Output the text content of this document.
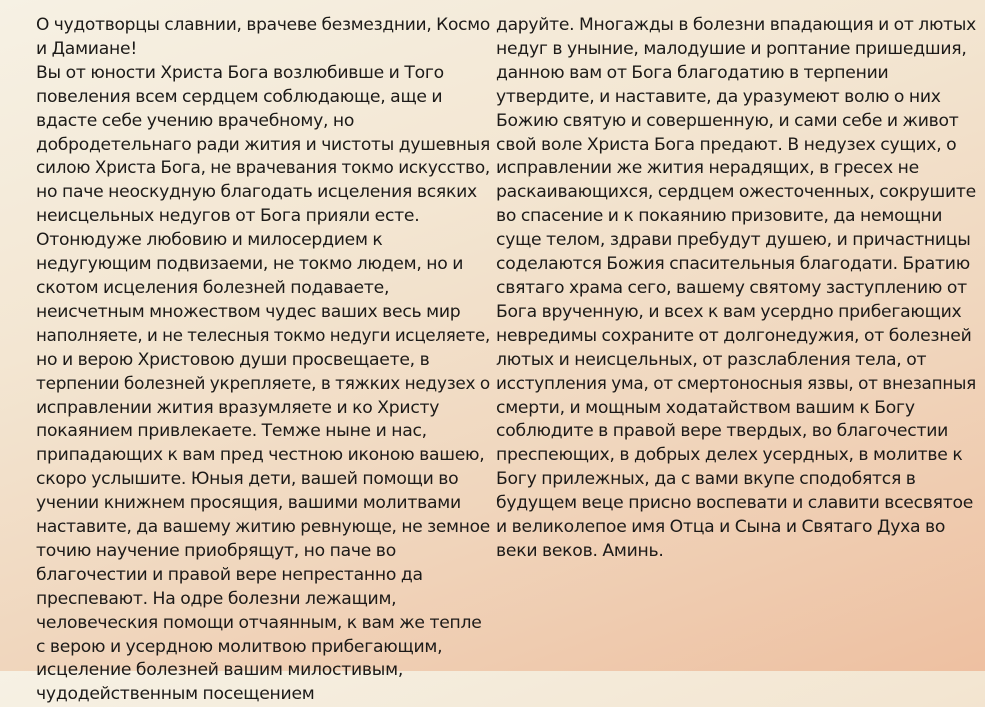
О чудотворцы славнии, врачеве безмезднии, Космо
и Дамиане!
Вы от юности Христа Бога возлюбивше и Того
повеления всем сердцем соблюдающе, аще и
вдасте себе учению врачебному, но
добродетельнаго ради жития и чистоты душевныя
силою Христа Бога, не врачевания токмо искусство,
но паче неоскудную благодать исцеления всяких
неисцельных недугов от Бога прияли есте.
Отонюдуже любовию и милосердием к
недугующим подвизаеми, не токмо людем, но и
скотом исцеления болезней подаваете,
неисчетным множеством чудес ваших весь мир
наполняете, и не телесныя токмо недуги исцеляете,
но и верою Христовою души просвещаете, в
терпении болезней укрепляете, в тяжких недузех о
исправлении жития вразумляете и ко Христу
покаянием привлекаете. Темже ныне и нас,
припадающих к вам пред честною иконою вашею,
скоро услышите. Юныя дети, вашей помощи во
учении книжнем просящия, вашими молитвами
наставите, да вашему житию ревнующе, не земное
точию научение приобрящут, но паче во
благочестии и правой вере непреcтанно да
преспевают. На одре болезни лежащим,
человеческия помощи отчаянным, к вам же тепле
с верою и усердною молитвою прибегающим,
исцеление болезней вашим милостивым,
чудодейственным посещением
даруйте. Многажды в болезни впадающия и от лютых
недуг в уныние, малодушие и роптание пришедшия,
данною вам от Бога благодатию в терпении
утвердите, и наставите, да уразумеют волю о них
Божию святую и совершенную, и сами себе и живот
свой воле Христа Бога предают. В недузех сущих, о
исправлении же жития нерадящих, в гресех не
раскаивающихся, сердцем ожесточенных, сокрушите
во спасение и к покаянию призовите, да немощни
суще телом, здрави пребудут душею, и причастницы
соделаются Божия спасительныя благодати. Братию
святаго храма сего, вашему святому заступлению от
Бога врученную, и всех к вам усердно прибегающих
невредимы сохраните от долгонедужия, от болезней
лютых и неисцельных, от разслабления тела, от
исступления ума, от смертоносныя язвы, от внезапныя
смерти, и мощным ходатайством вашим к Богу
соблюдите в правой вере твердых, во благочестии
преспеющих, в добрых делех усердных, в молитве к
Богу прилежных, да с вами вкупе сподобятся в
будущем веце присно воспевати и славити всесвятое
и великолепое имя Отца и Сына и Святаго Духа во
веки веков. Аминь.
